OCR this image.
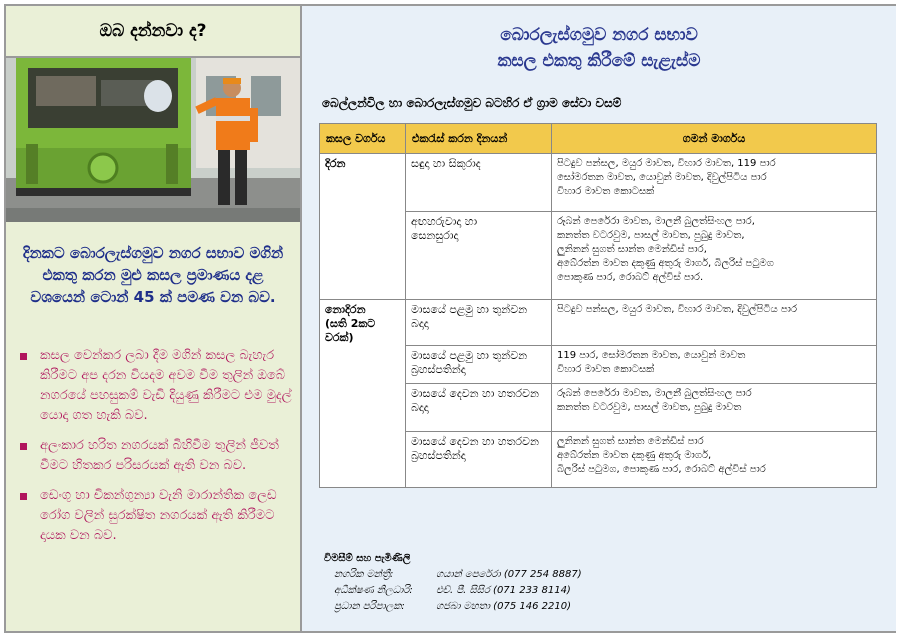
ඔබ දන්නවා ද?
දිනකට බොරලැස්ගමුව නගර සභාව මගින් එකතු කරන මුළු කසල ප්‍රමාණය දළ වශයෙන් ටොන් 45 ක් පමණ වන බව.
කසල වෙන්කර ලබා දීම මගින් කසල බැහැර කිරීමට අප දරන වියදම අවම වීම තුලින් ඔබේ නගරයේ පහසුකම් වැඩි දියුණු කිරීමට එම මුදල් යොදා ගත හැකි බව.
අලංකාර හරිත නගරයක් බිහිවීම තුලින් ජීවත් වීමට හිතකර පරිසරයක් ඇති වන බව.
ඩෙංගු හා චිකන්ගුන්‍යා වැනි මාරාන්තික ලෙඩ රෝග වලින් සුරක්ෂිත නගරයක් ඇති කිරීමට දායක වන බව.
බොරලැස්ගමුව නගර සභාව
කසල එකතු කිරීමේ සැළැස්ම
බෙල්ලන්විල හා බොරලැස්ගමුව බටහිර ඒ ග්‍රාම සේවා වසම්
කසල වර්ගය	එකරැස් කරන දිනයන්	ගමන් මාර්ගය
දිරන	සඳුදා හා සිකුරාද	පිටදුව පන්සල, මයුර මාවත, විහාර මාවත, 119 පාර
සෝමරතන මාවත, යොවුන් මාවත, දිවුල්පිටිය පාර
විහාර මාවත කොටසක්

	අඟහරුවාදා හා
සෙනසුරාදා	රූබන් පෙරේරා මාවත, මාලනී බුලත්සිංහල පාර,
කනත්ත වටරවුම, පාසල් මාවත, පුබුදු මාවත,
ලුනිනන් සුගත් සාන්ත මෙන්ඩිස් පාර,
අබේරත්න මාවත දකුණු අතුරු මාර්ග, බිලරිස් පටුමග
පොකුණ පාර, රොබට් අල්විස් පාර.

නොදිරන
(සති 2කට
වරක්)	මාසයේ පළමු හා තුන්වන
බදාදා	පිටදුව පන්සල, මයුර මාවත, විහාර මාවත, දිවුල්පිටිය පාර

	මාසයේ පළමු හා තුන්වන
බ්‍රහස්පතින්දා	119 පාර, සෝමරතන මාවත, යොවුන් මාවත
විහාර මාවත කොටසක්

	මාසයේ දෙවන හා හතරවන
බදාදා	රූබන් පෙරේරා මාවත, මාලනී බුලත්සිංහල පාර
කනත්ත වටරවුම, පාසල් මාවත, පුබුදු මාවත

	මාසයේ දෙවන හා හතරවන
බ්‍රහස්පතින්දා	ලුනිනන් සුගත් සාන්ත මෙන්ඩිස් පාර
අබේරත්න මාවත දකුණු අතුරු මාර්ග,
බිලරිස් පටුමග, පොකුණ පාර, රොබට් අල්විස් පාර
විමසීම් සහ පැමිණිලි
නගරික මන්ත්‍රී:	ගයාන් පෙරේරා (077 254 8887)
අධීක්ෂණ නිලධාරි:	එච්. පී. සිසිර (071 233 8114)
ප්‍රධාන පරිපාලක:	ගජබා මහතා (075 146 2210)
